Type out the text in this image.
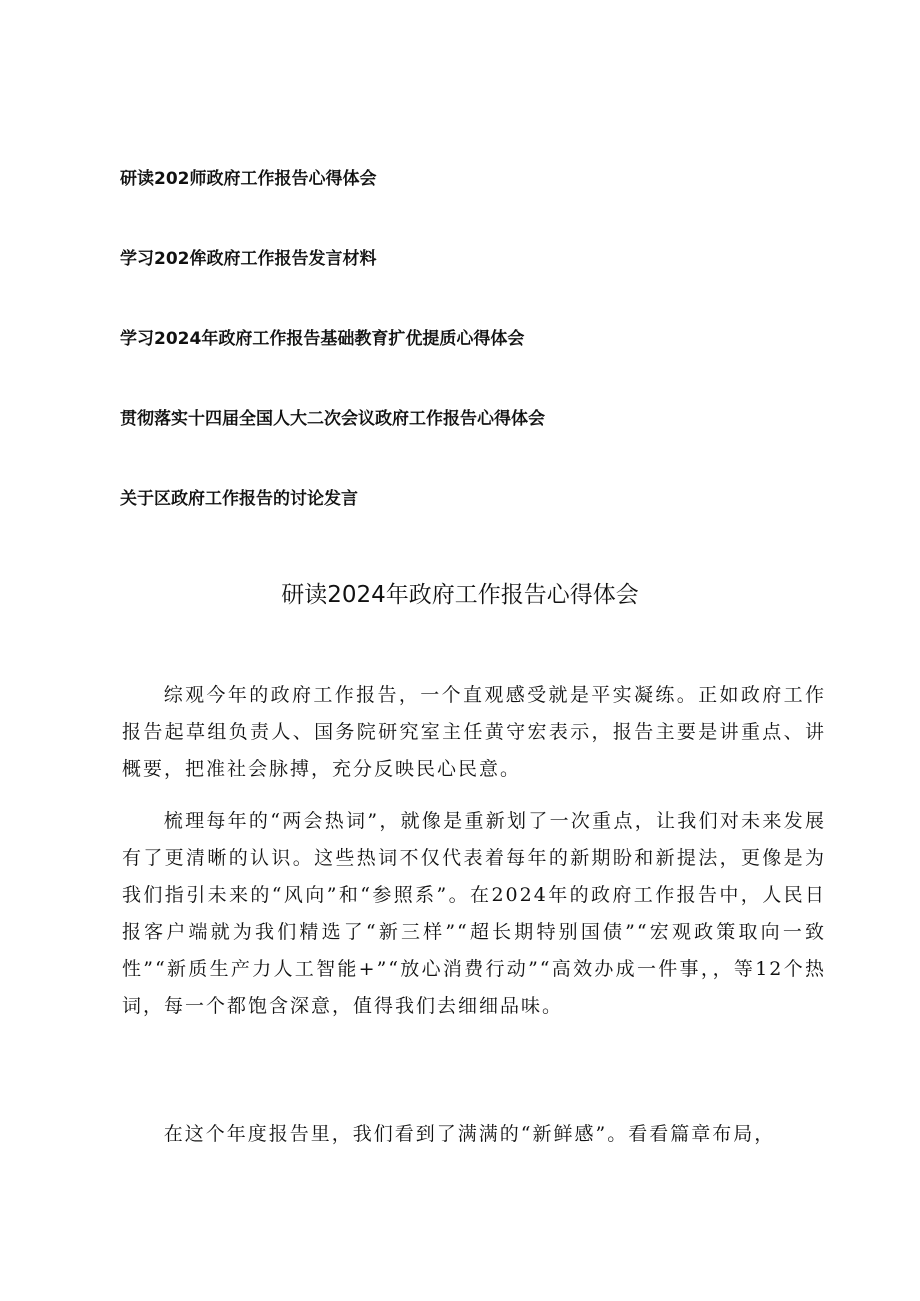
研读202师政府工作报告心得体会
学习202侔政府工作报告发言材料
学习2024年政府工作报告基础教育扩优提质心得体会
贯彻落实十四届全国人大二次会议政府工作报告心得体会
关于区政府工作报告的讨论发言
研读2024年政府工作报告心得体会

综观今年的政府工作报告，一个直观感受就是平实凝练。正如政府工作报告起草组负责人、国务院研究室主任黄守宏表示，报告主要是讲重点、讲概要，把准社会脉搏，充分反映民心民意。

梳理每年的“两会热词”，就像是重新划了一次重点，让我们对未来发展有了更清晰的认识。这些热词不仅代表着每年的新期盼和新提法，更像是为我们指引未来的“风向”和“参照系”。在2024年的政府工作报告中，人民日报客户端就为我们精选了“新三样”“超长期特别国债”“宏观政策取向一致性”“新质生产力人工智能+”“放心消费行动”“高效办成一件事，，等12个热词，每一个都饱含深意，值得我们去细细品味。

在这个年度报告里，我们看到了满满的“新鲜感”。看看篇章布局，
